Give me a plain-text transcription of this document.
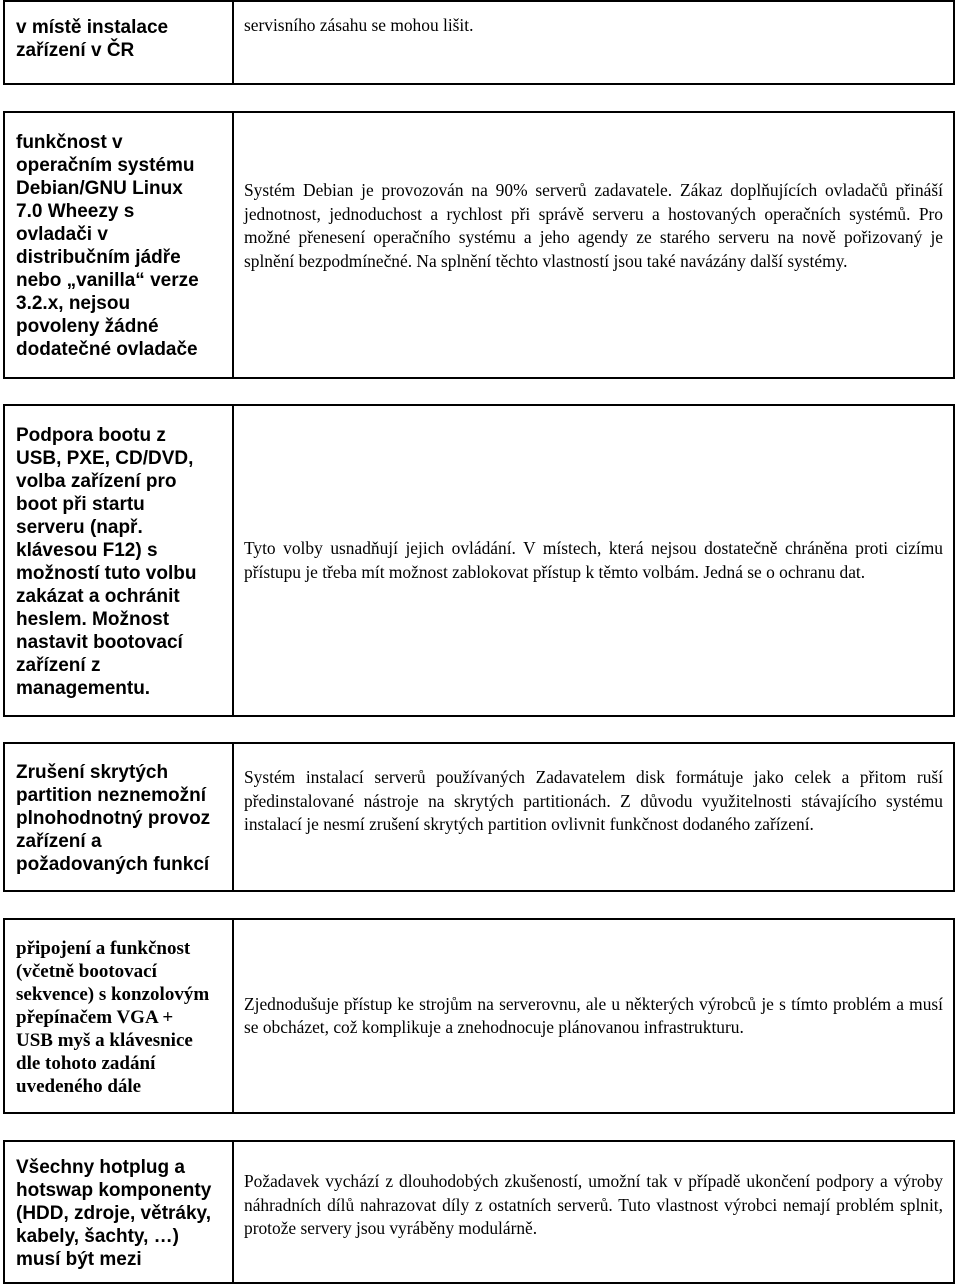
v místě instalace
zařízení v ČR

servisního zásahu se mohou lišit.

funkčnost v
operačním systému
Debian/GNU Linux
7.0 Wheezy s
ovladači v
distribučním jádře
nebo „vanilla“ verze
3.2.x, nejsou
povoleny žádné
dodatečné ovladače

Systém Debian je provozován na 90% serverů zadavatele. Zákaz doplňujících ovladačů přináší jednotnost, jednoduchost a rychlost při správě serveru a hostovaných operačních systémů. Pro možné přenesení operačního systému a jeho agendy ze starého serveru na nově pořizovaný je splnění bezpodmínečné. Na splnění těchto vlastností jsou také navázány další systémy.

Podpora bootu z
USB, PXE, CD/DVD,
volba zařízení pro
boot při startu
serveru (např.
klávesou F12) s
možností tuto volbu
zakázat a ochránit
heslem. Možnost
nastavit bootovací
zařízení z
managementu.

Tyto volby usnadňují jejich ovládání. V místech, která nejsou dostatečně chráněna proti cizímu přístupu je třeba mít možnost zablokovat přístup k těmto volbám. Jedná se o ochranu dat.

Zrušení skrytých
partition neznemožní
plnohodnotný provoz
zařízení a
požadovaných funkcí

Systém instalací serverů používaných Zadavatelem disk formátuje jako celek a přitom ruší předinstalované nástroje na skrytých partitionách. Z důvodu využitelnosti stávajícího systému instalací je nesmí zrušení skrytých partition ovlivnit funkčnost dodaného zařízení.

připojení a funkčnost
(včetně bootovací
sekvence) s konzolovým
přepínačem VGA +
USB myš a klávesnice
dle tohoto zadání
uvedeného dále

Zjednodušuje přístup ke strojům na serverovnu, ale u některých výrobců je s tímto problém a musí se obcházet, což komplikuje a znehodnocuje plánovanou infrastrukturu.

Všechny hotplug a
hotswap komponenty
(HDD, zdroje, větráky,
kabely, šachty, …)
musí být mezi

Požadavek vychází z dlouhodobých zkušeností, umožní tak v případě ukončení podpory a výroby náhradních dílů nahrazovat díly z ostatních serverů. Tuto vlastnost výrobci nemají problém splnit, protože servery jsou vyráběny modulárně.
